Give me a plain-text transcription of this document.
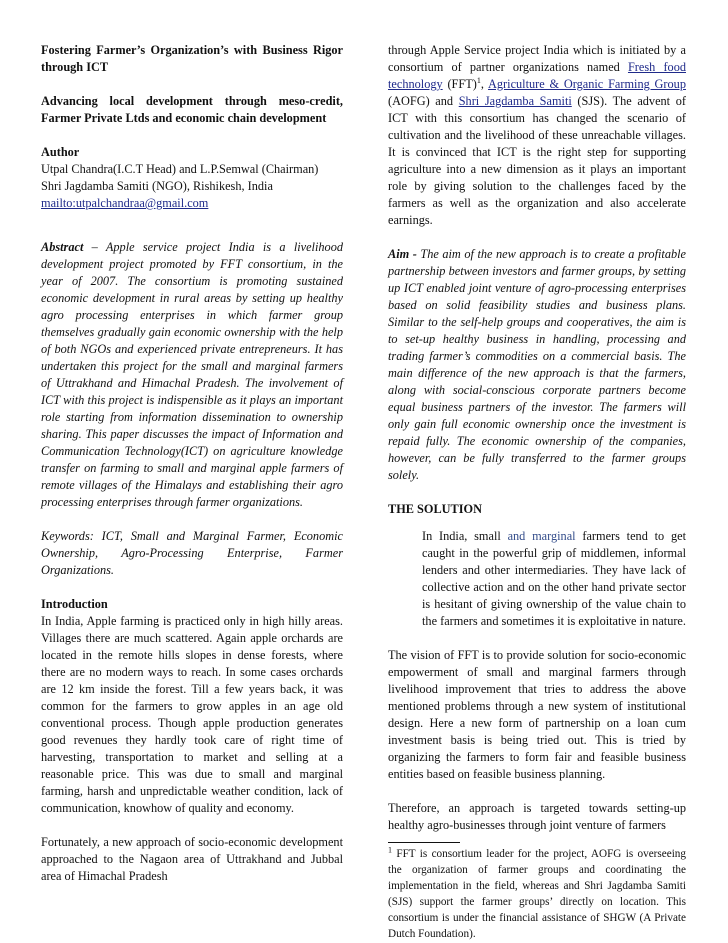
Fostering Farmer’s Organization’s with Business Rigor through ICT

Advancing local development through meso-credit, Farmer Private Ltds and economic chain development

Author

Utpal Chandra(I.C.T Head) and L.P.Semwal (Chairman)

Shri Jagdamba Samiti (NGO), Rishikesh, India

mailto:utpalchandraa@gmail.com

Abstract – Apple service project India is a livelihood development project promoted by FFT consortium, in the year of 2007. The consortium is promoting sustained economic development in rural areas by setting up healthy agro processing enterprises in which farmer group themselves gradually gain economic ownership with the help of both NGOs and experienced private entrepreneurs. It has undertaken this project for the small and marginal farmers of Uttrakhand and Himachal Pradesh. The involvement of ICT with this project is indispensible as it plays an important role starting from information dissemination to ownership sharing. This paper discusses the impact of Information and Communication Technology(ICT) on agriculture knowledge transfer on farming to small and marginal apple farmers of remote villages of the Himalays and establishing their agro processing enterprises through farmer organizations.

Keywords: ICT, Small and Marginal Farmer, Economic Ownership, Agro-Processing Enterprise, Farmer Organizations.

Introduction

In India, Apple farming is practiced only in high hilly areas. Villages there are much scattered. Again apple orchards are located in the remote hills slopes in dense forests, where there are no modern ways to reach. In some cases orchards are 12 km inside the forest. Till a few years back, it was common for the farmers to grow apples in an age old conventional process. Though apple production generates good revenues they hardly took care of right time of harvesting, transportation to market and selling at a reasonable price. This was due to small and marginal farming, harsh and unpredictable weather condition, lack of communication, knowhow of quality and economy.

Fortunately, a new approach of socio-economic development approached to the Nagaon area of Uttrakhand and Jubbal area of Himachal Pradesh

through Apple Service project India which is initiated by a consortium of partner organizations named Fresh food technology (FFT)$^1$, Agriculture & Organic Farming Group (AOFG) and Shri Jagdamba Samiti (SJS). The advent of ICT with this consortium has changed the scenario of cultivation and the livelihood of these unreachable villages. It is convinced that ICT is the right step for supporting agriculture into a new dimension as it plays an important role by giving solution to the challenges faced by the farmers as well as the organization and also accelerate earnings.

Aim - The aim of the new approach is to create a profitable partnership between investors and farmer groups, by setting up ICT enabled joint venture of agro-processing enterprises based on solid feasibility studies and business plans. Similar to the self-help groups and cooperatives, the aim is to set-up healthy business in handling, processing and trading farmer’s commodities on a commercial basis. The main difference of the new approach is that the farmers, along with social-conscious corporate partners become equal business partners of the investor. The farmers will only gain full economic ownership once the investment is repaid fully. The economic ownership of the companies, however, can be fully transferred to the farmer groups solely.

THE SOLUTION

In India, small and marginal farmers tend to get caught in the powerful grip of middlemen, informal lenders and other intermediaries. They have lack of collective action and on the other hand private sector is hesitant of giving ownership of the value chain to the farmers and sometimes it is exploitative in nature.

The vision of FFT is to provide solution for socio-economic empowerment of small and marginal farmers through livelihood improvement that tries to address the above mentioned problems through a new system of institutional design. Here a new form of partnership on a loan cum investment basis is being tried out. This is tried by organizing the farmers to form fair and feasible business entities based on feasible business planning.

Therefore, an approach is targeted towards setting-up healthy agro-businesses through joint venture of farmers

$^1$ FFT is consortium leader for the project, AOFG is overseeing the organization of farmer groups and coordinating the implementation in the field, whereas and Shri Jagdamba Samiti (SJS) support the farmer groups’ directly on location. This consortium is under the financial assistance of SHGW (A Private Dutch Foundation).
